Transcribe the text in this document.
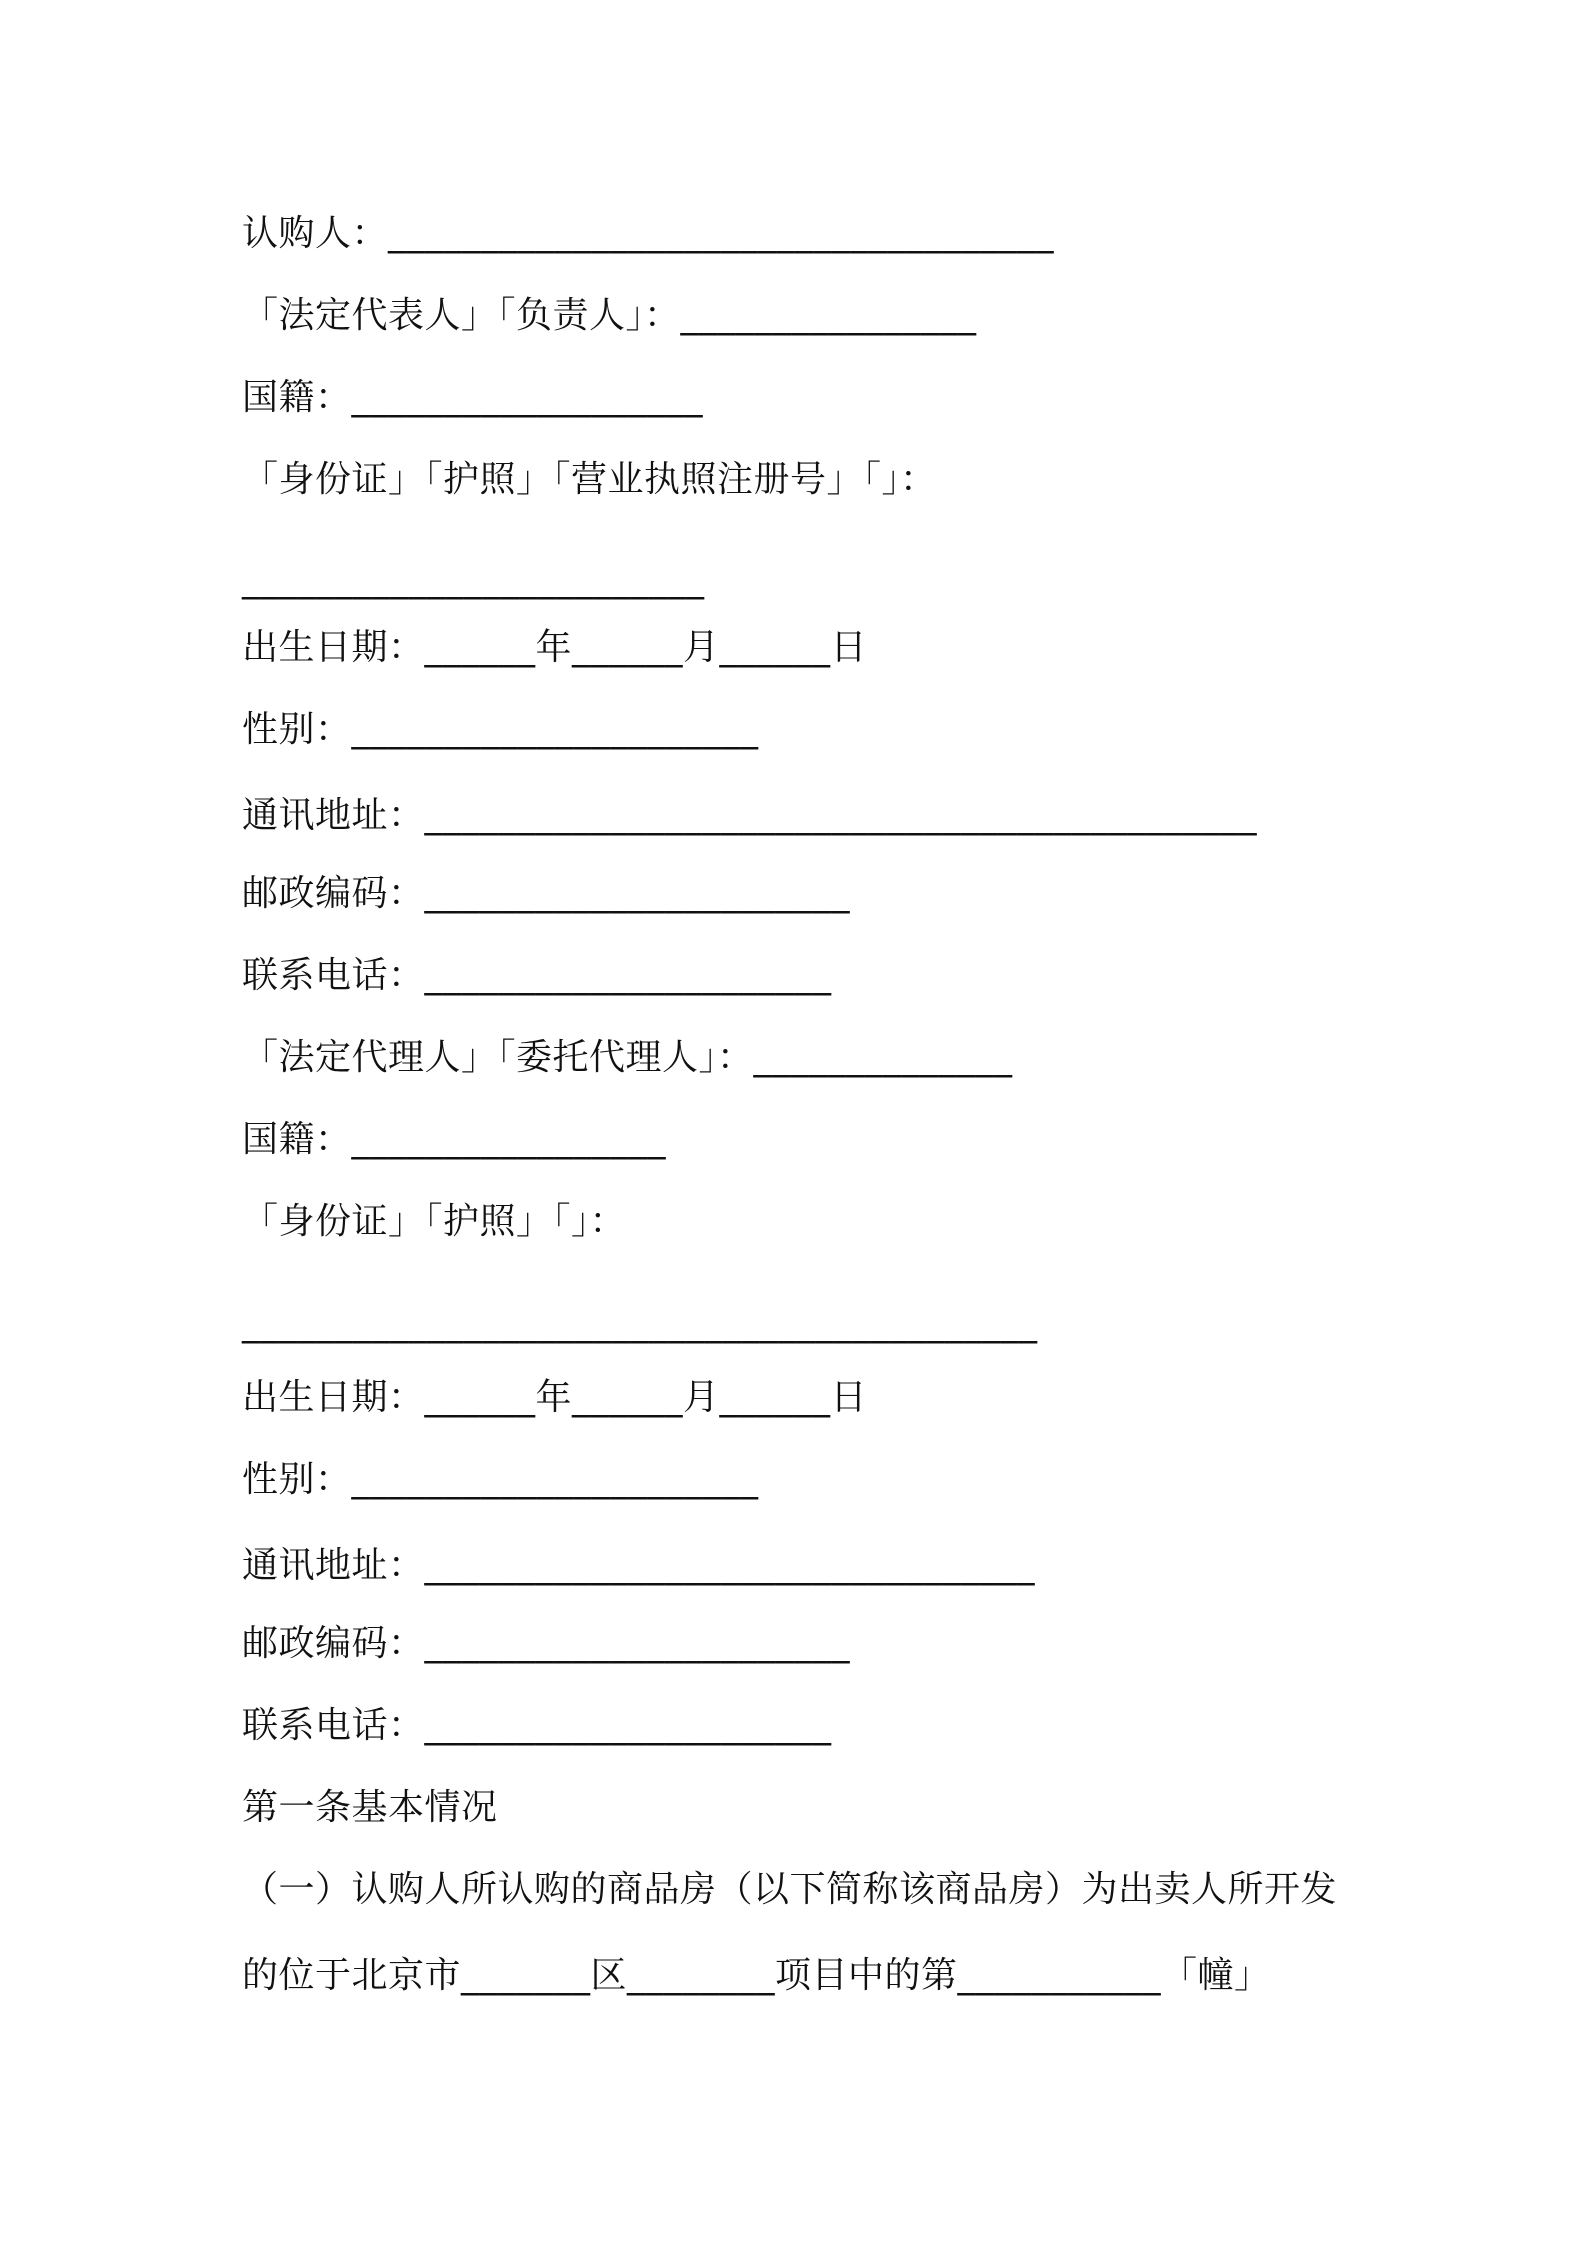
认购人：____________________________________
「法定代表人」「负责人」：________________
国籍：___________________
「身份证」「护照」「营业执照注册号」「」：
_________________________
出生日期：______年______月______日
性别：______________________
通讯地址：_____________________________________________
邮政编码：_______________________
联系电话：______________________
「法定代理人」「委托代理人」：______________
国籍：_________________
「身份证」「护照」「」：
___________________________________________
出生日期：______年______月______日
性别：______________________
通讯地址：_________________________________
邮政编码：_______________________
联系电话：______________________
第一条基本情况
（一）认购人所认购的商品房（以下简称该商品房）为出卖人所开发
的位于北京市_______区________项目中的第___________「幢」
